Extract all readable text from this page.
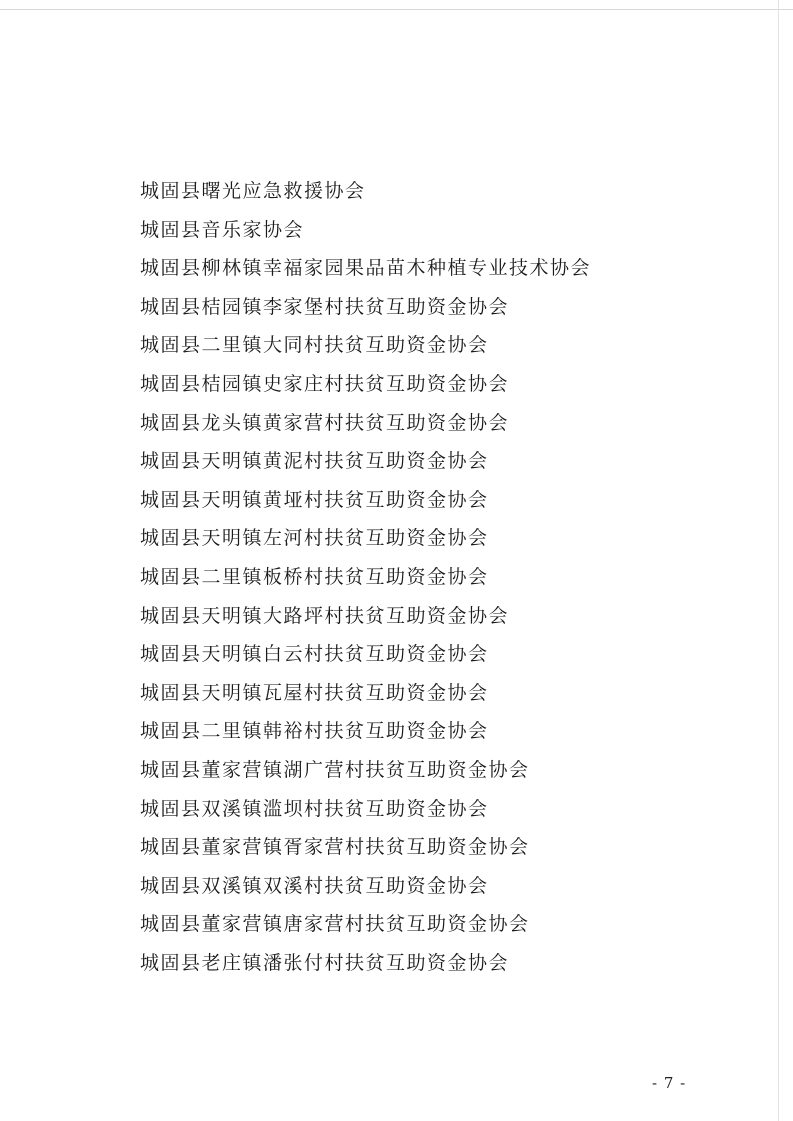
城固县曙光应急救援协会
城固县音乐家协会
城固县柳林镇幸福家园果品苗木种植专业技术协会
城固县桔园镇李家堡村扶贫互助资金协会
城固县二里镇大同村扶贫互助资金协会
城固县桔园镇史家庄村扶贫互助资金协会
城固县龙头镇黄家营村扶贫互助资金协会
城固县天明镇黄泥村扶贫互助资金协会
城固县天明镇黄垭村扶贫互助资金协会
城固县天明镇左河村扶贫互助资金协会
城固县二里镇板桥村扶贫互助资金协会
城固县天明镇大路坪村扶贫互助资金协会
城固县天明镇白云村扶贫互助资金协会
城固县天明镇瓦屋村扶贫互助资金协会
城固县二里镇韩裕村扶贫互助资金协会
城固县董家营镇湖广营村扶贫互助资金协会
城固县双溪镇滥坝村扶贫互助资金协会
城固县董家营镇胥家营村扶贫互助资金协会
城固县双溪镇双溪村扶贫互助资金协会
城固县董家营镇唐家营村扶贫互助资金协会
城固县老庄镇潘张付村扶贫互助资金协会
- 7 -
